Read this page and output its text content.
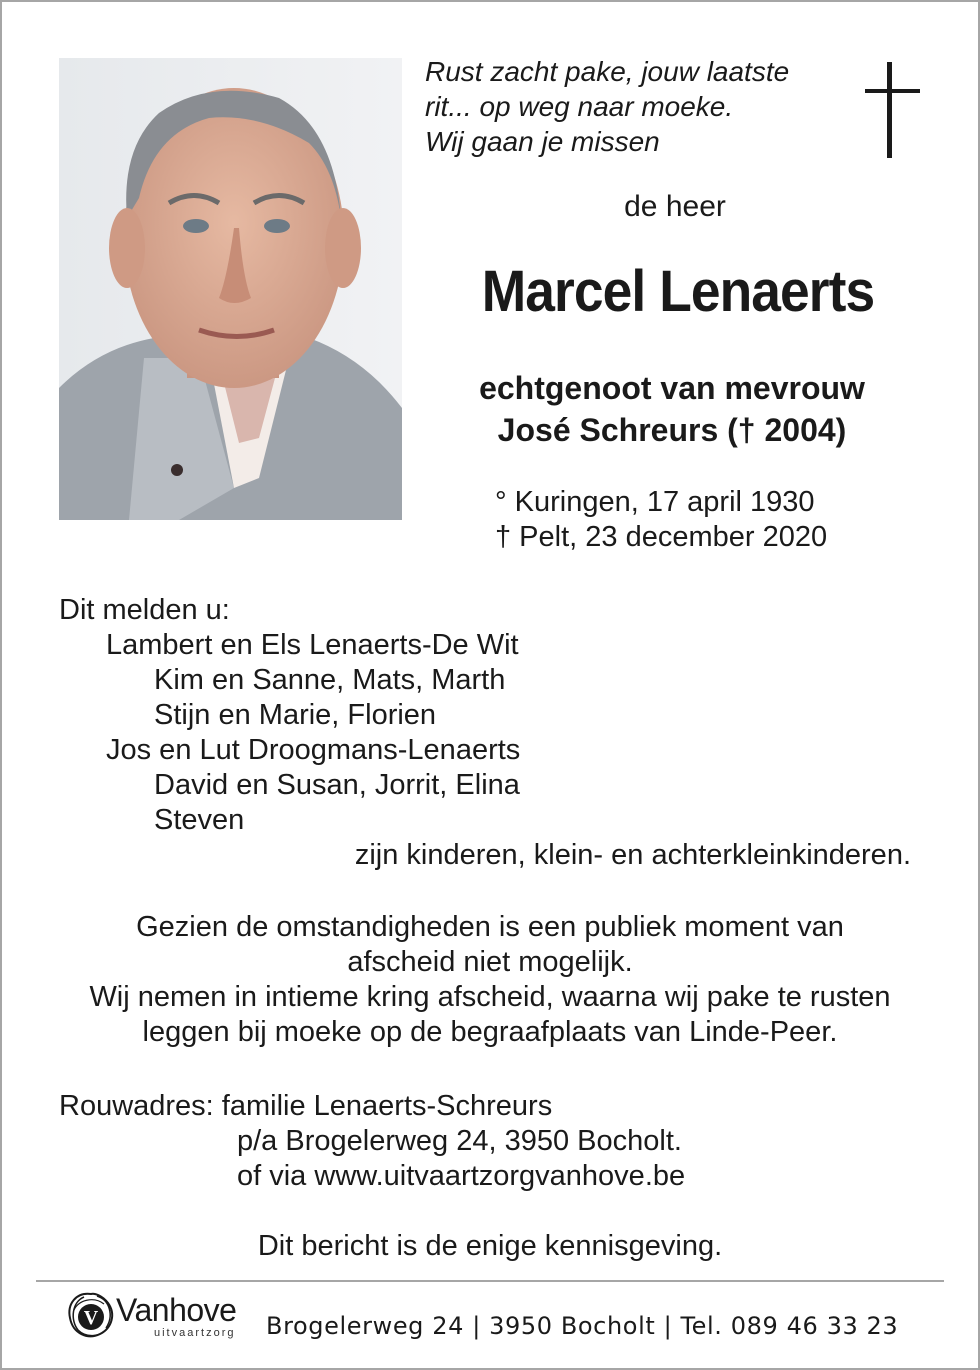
Rust zacht pake, jouw laatste
rit... op weg naar moeke.
Wij gaan je missen
de heer
Marcel Lenaerts
echtgenoot van mevrouw
José Schreurs († 2004)
° Kuringen, 17 april 1930
† Pelt, 23 december 2020
Dit melden u:
Lambert en Els Lenaerts-De Wit
Kim en Sanne, Mats, Marth
Stijn en Marie, Florien
Jos en Lut Droogmans-Lenaerts
David en Susan, Jorrit, Elina
Steven
zijn kinderen, klein- en achterkleinkinderen.
Gezien de omstandigheden is een publiek moment van
afscheid niet mogelijk.
Wij nemen in intieme kring afscheid, waarna wij pake te rusten
leggen bij moeke op de begraafplaats van Linde-Peer.
Rouwadres: familie Lenaerts-Schreurs
p/a Brogelerweg 24, 3950 Bocholt.
of via www.uitvaartzorgvanhove.be
Dit bericht is de enige kennisgeving.
V Vanhove
uitvaartzorg Brogelerweg 24 | 3950 Bocholt | Tel. 089 46 33 23
